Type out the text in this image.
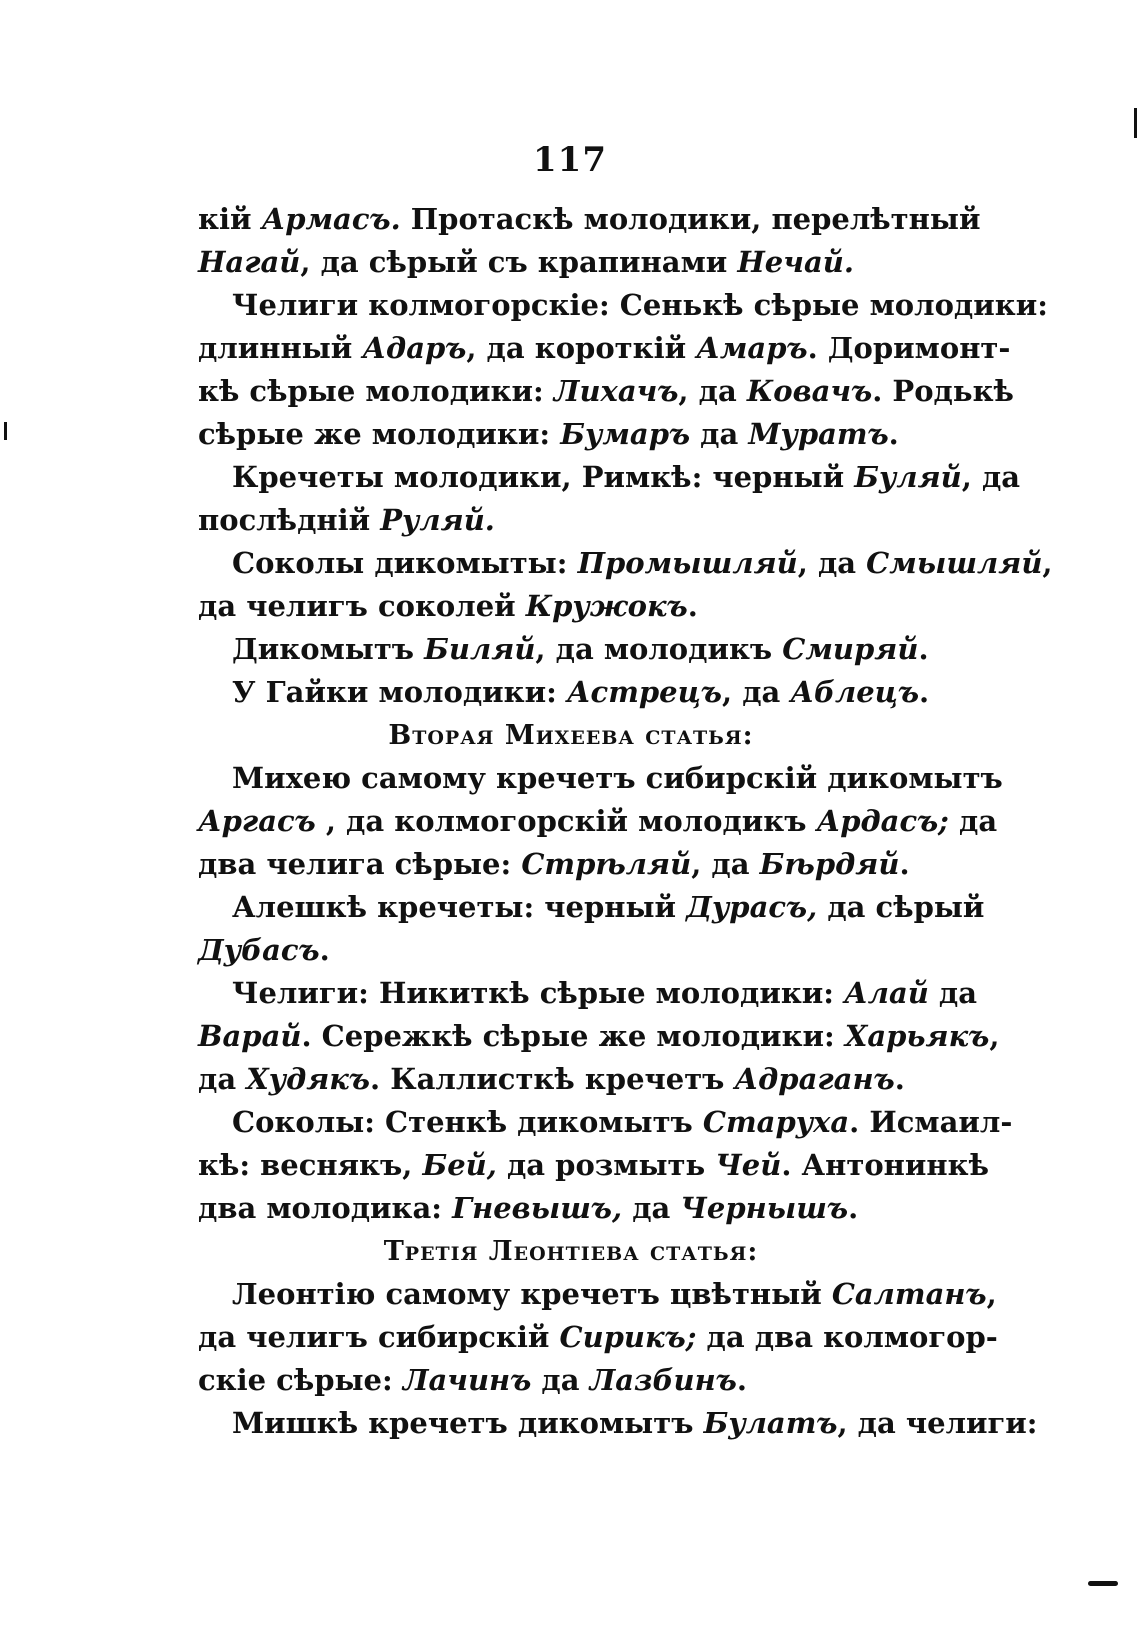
117
кій Армасъ. Протаскѣ молодики, перелѣтный
Нагай, да сѣрый съ крапинами Нечай.
Челиги колмогорскіе: Сенькѣ сѣрые молодики:
длинный Адаръ, да короткій Амаръ. Доримонт-
кѣ сѣрые молодики: Лихачъ, да Ковачъ. Родькѣ
сѣрые же молодики: Бумаръ да Муратъ.
Кречеты молодики, Римкѣ: черный Буляй, да
послѣдній Руляй.
Соколы дикомыты: Промышляй, да Смышляй,
да челигъ соколей Кружокъ.
Дикомытъ Биляй, да молодикъ Смиряй.
У Гайки молодики: Астрецъ, да Аблецъ.
Вторая Михеева статья:
Михею самому кречетъ сибирскій дикомытъ
Аргасъ , да колмогорскій молодикъ Ардасъ; да
два челига сѣрые: Стрѣляй, да Бѣрдяй.
Алешкѣ кречеты: черный Дурасъ, да сѣрый
Дубасъ.
Челиги: Никиткѣ сѣрые молодики: Алай да
Варай. Сережкѣ сѣрые же молодики: Харьякъ,
да Худякъ. Каллисткѣ кречетъ Адраганъ.
Соколы: Стенкѣ дикомытъ Старуха. Исмаил-
кѣ: веснякъ, Бей, да розмыть Чей. Антонинкѣ
два молодика: Гневышъ, да Чернышъ.
Третія Леонтіева статья:
Леонтію самому кречетъ цвѣтный Салтанъ,
да челигъ сибирскій Сирикъ; да два колмогор-
скіе сѣрые: Лачинъ да Лазбинъ.
Мишкѣ кречетъ дикомытъ Булатъ, да челиги:
